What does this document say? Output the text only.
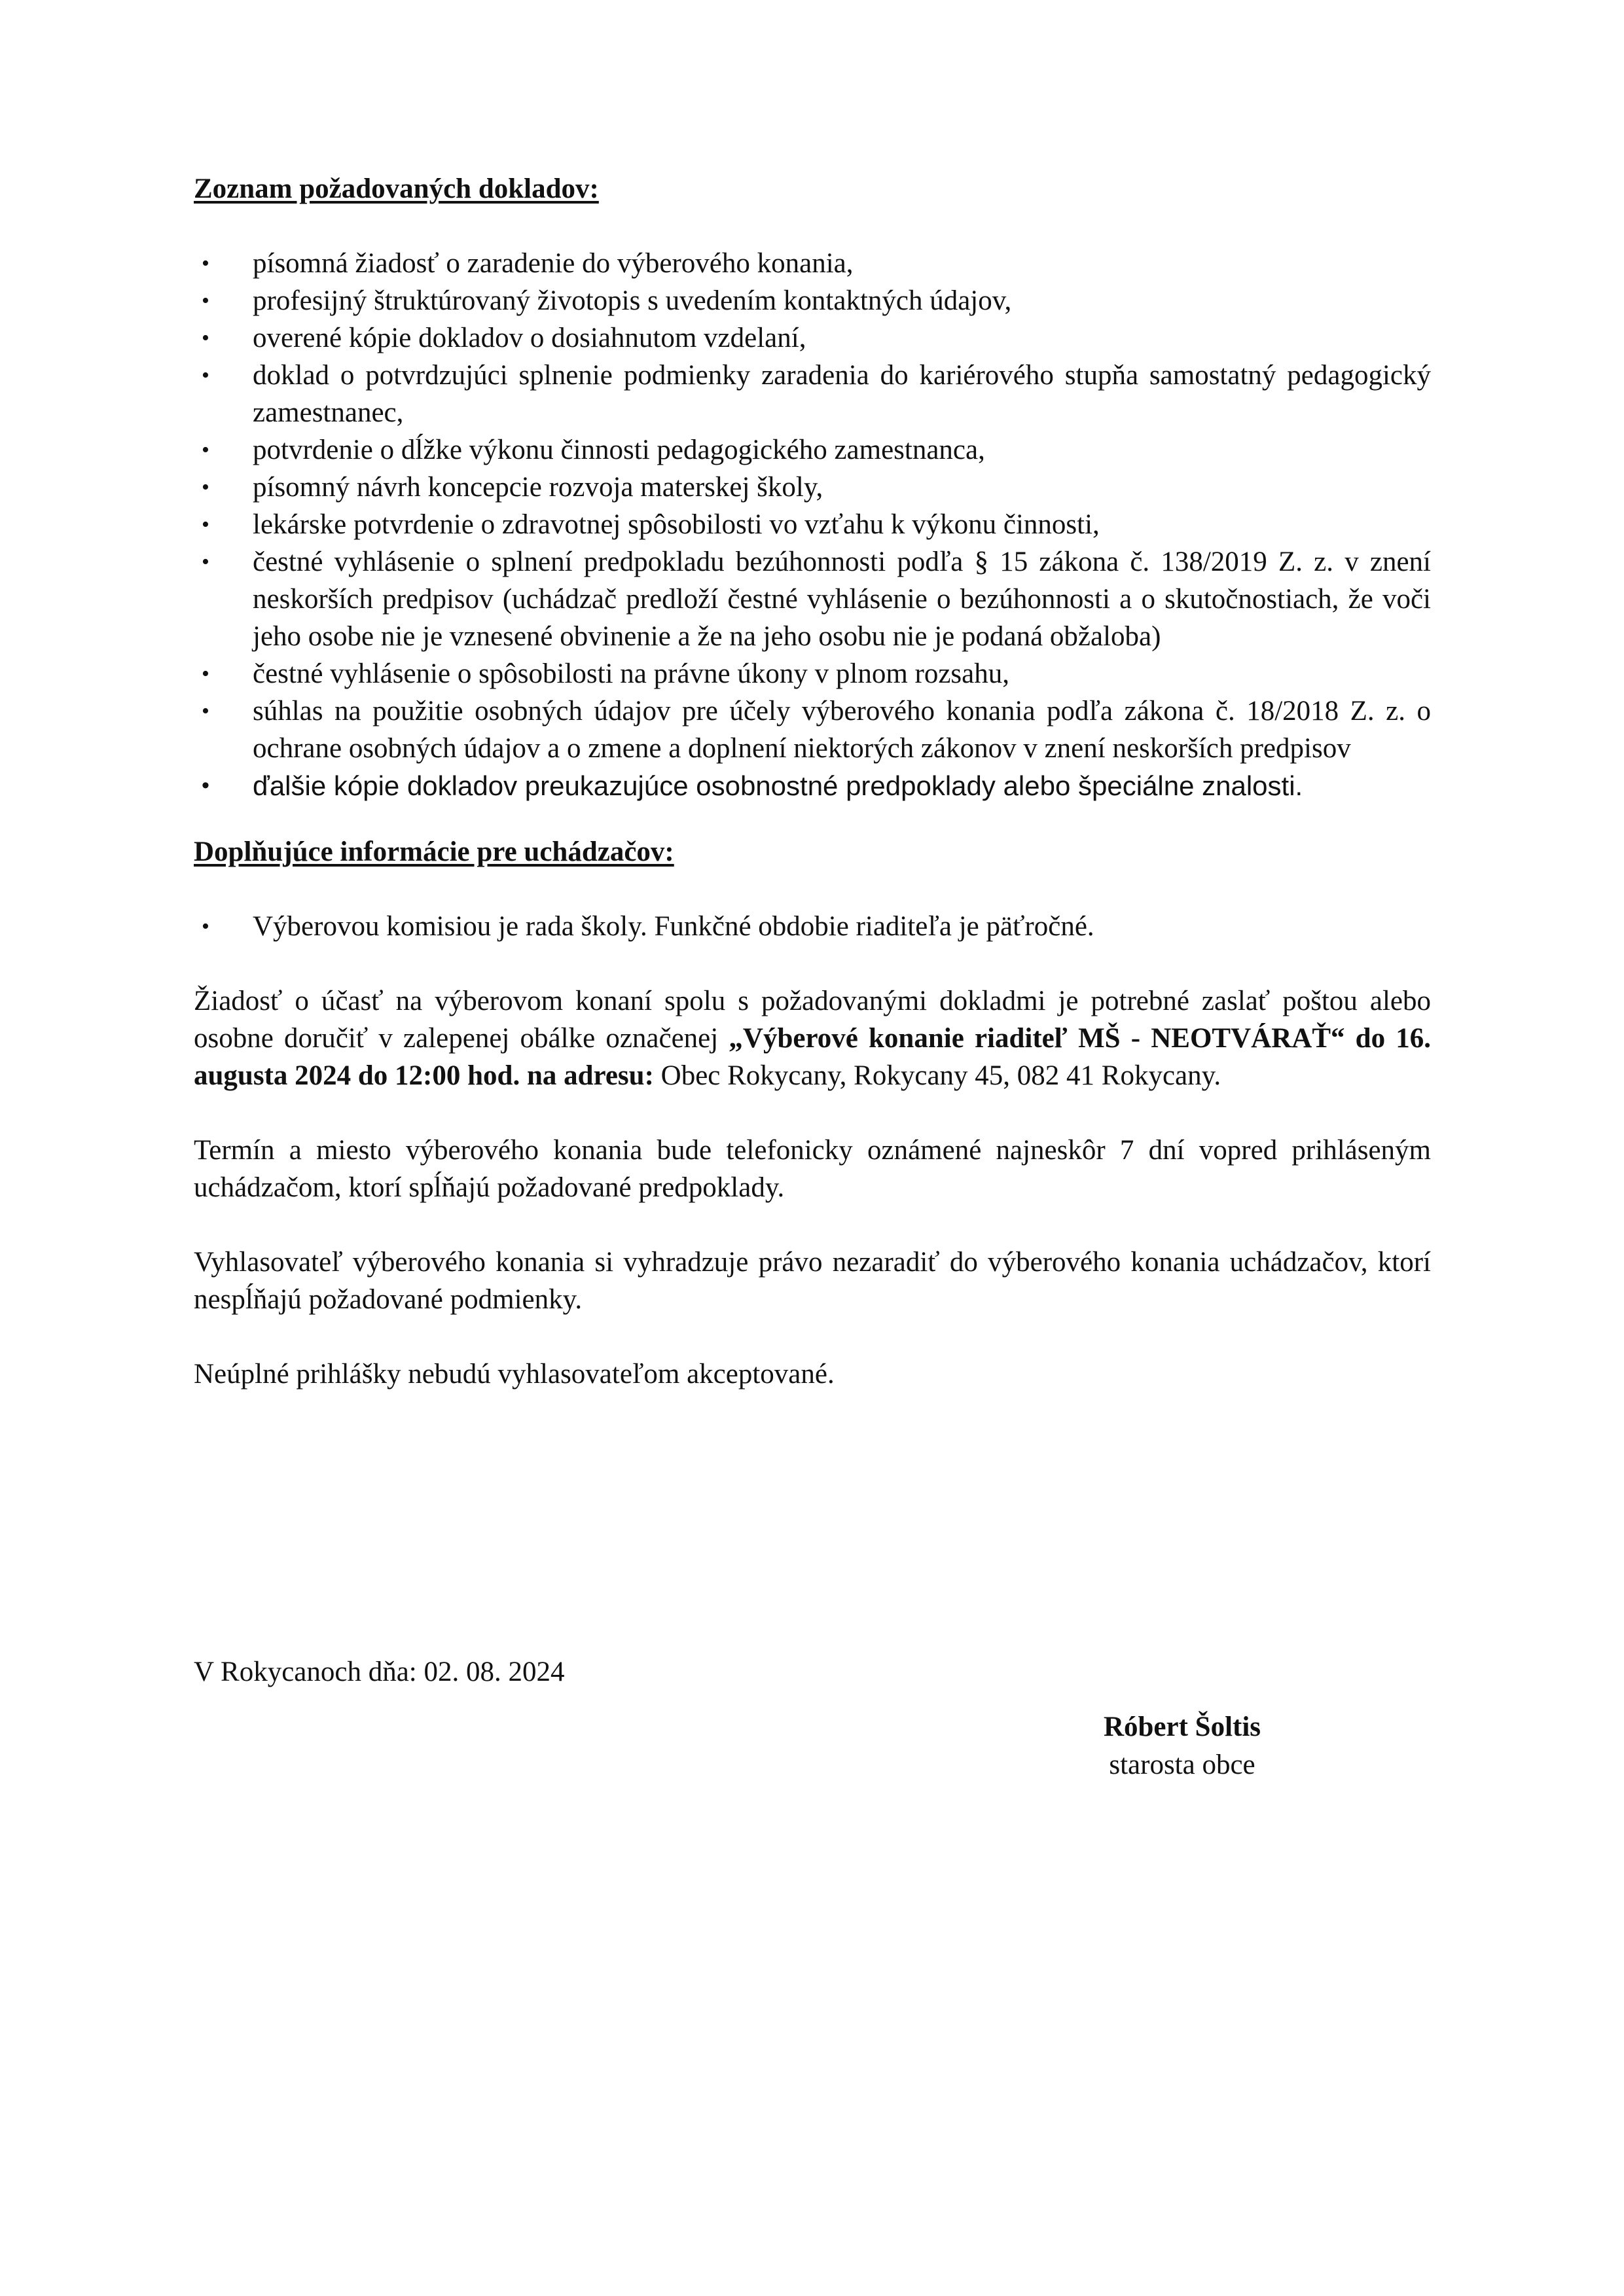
Zoznam požadovaných dokladov:
• písomná žiadosť o zaradenie do výberového konania,
• profesijný štruktúrovaný životopis s uvedením kontaktných údajov,
• overené kópie dokladov o dosiahnutom vzdelaní,
• doklad o potvrdzujúci splnenie podmienky zaradenia do kariérového stupňa samostatný pedagogický zamestnanec,
• potvrdenie o dĺžke výkonu činnosti pedagogického zamestnanca,
• písomný návrh koncepcie rozvoja materskej školy,
• lekárske potvrdenie o zdravotnej spôsobilosti vo vzťahu k výkonu činnosti,
• čestné vyhlásenie o splnení predpokladu bezúhonnosti podľa § 15 zákona č. 138/2019 Z. z. v znení neskorších predpisov (uchádzač predloží čestné vyhlásenie o bezúhonnosti a o skutočnostiach, že voči jeho osobe nie je vznesené obvinenie a že na jeho osobu nie je podaná obžaloba)
• čestné vyhlásenie o spôsobilosti na právne úkony v plnom rozsahu,
• súhlas na použitie osobných údajov pre účely výberového konania podľa zákona č. 18/2018 Z. z. o ochrane osobných údajov a o zmene a doplnení niektorých zákonov v znení neskorších predpisov
• ďalšie kópie dokladov preukazujúce osobnostné predpoklady alebo špeciálne znalosti.
Doplňujúce informácie pre uchádzačov:
• Výberovou komisiou je rada školy. Funkčné obdobie riaditeľa je päťročné.

Žiadosť o účasť na výberovom konaní spolu s požadovanými dokladmi je potrebné zaslať poštou alebo osobne doručiť v zalepenej obálke označenej „Výberové konanie riaditeľ MŠ - NEOTVÁRAŤ“ do 16. augusta 2024 do 12:00 hod. na adresu: Obec Rokycany, Rokycany 45, 082 41 Rokycany.

Termín a miesto výberového konania bude telefonicky oznámené najneskôr 7 dní vopred prihláseným uchádzačom, ktorí spĺňajú požadované predpoklady.

Vyhlasovateľ výberového konania si vyhradzuje právo nezaradiť do výberového konania uchádzačov, ktorí nespĺňajú požadované podmienky.

Neúplné prihlášky nebudú vyhlasovateľom akceptované.

V Rokycanoch dňa: 02. 08. 2024

Róbert Šoltis
starosta obce
